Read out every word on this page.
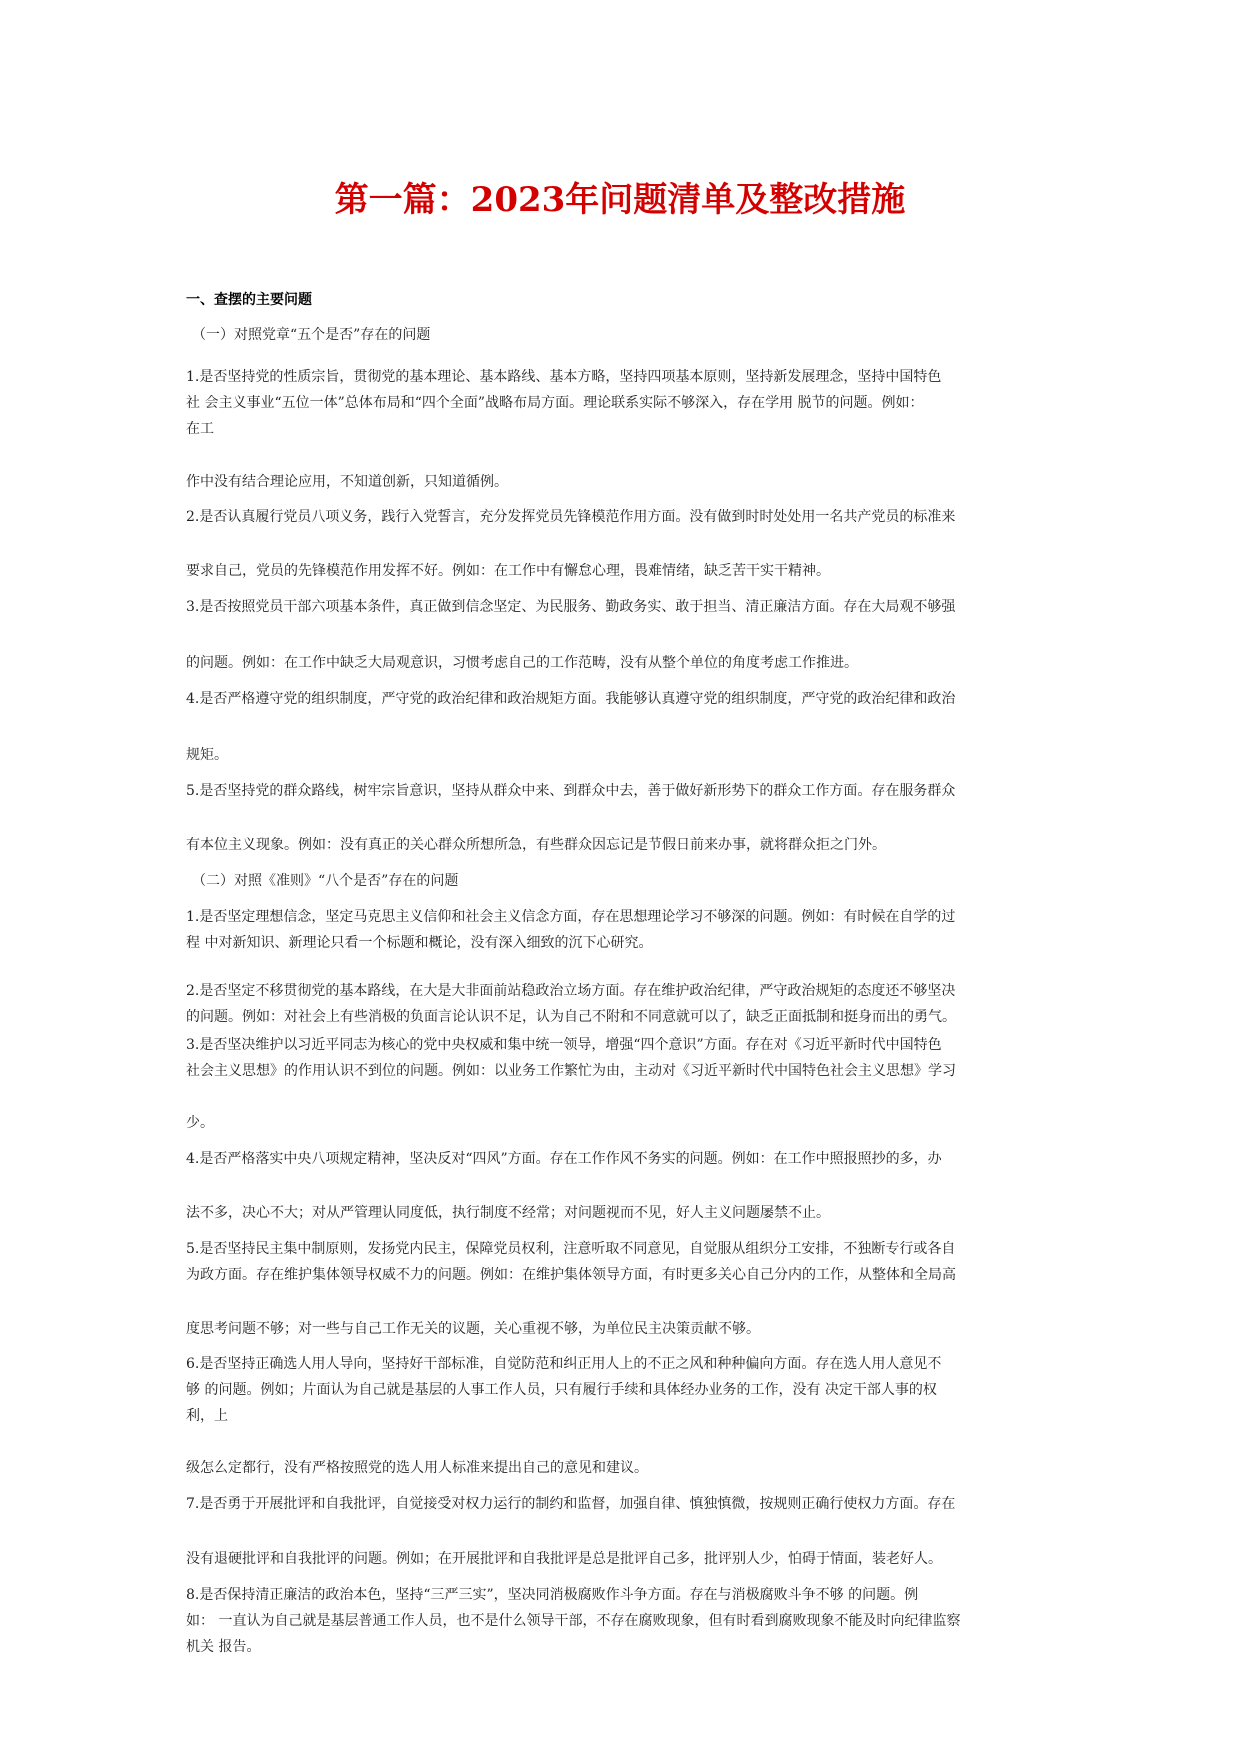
第一篇：2023年问题清单及整改措施
一、查摆的主要问题
（一）对照党章“五个是否”存在的问题
1.是否坚持党的性质宗旨，贯彻党的基本理论、基本路线、基本方略，坚持四项基本原则，坚持新发展理念，坚持中国特色
社 会主义事业“五位一体”总体布局和“四个全面”战略布局方面。理论联系实际不够深入，存在学用 脱节的问题。例如：
在工
作中没有结合理论应用，不知道创新，只知道循例。
2.是否认真履行党员八项义务，践行入党誓言，充分发挥党员先锋模范作用方面。没有做到时时处处用一名共产党员的标准来
要求自己，党员的先锋模范作用发挥不好。例如：在工作中有懈怠心理，畏难情绪，缺乏苦干实干精神。
3.是否按照党员干部六项基本条件，真正做到信念坚定、为民服务、勤政务实、敢于担当、清正廉洁方面。存在大局观不够强
的问题。例如：在工作中缺乏大局观意识，习惯考虑自己的工作范畴，没有从整个单位的角度考虑工作推进。
4.是否严格遵守党的组织制度，严守党的政治纪律和政治规矩方面。我能够认真遵守党的组织制度，严守党的政治纪律和政治
规矩。
5.是否坚持党的群众路线，树牢宗旨意识，坚持从群众中来、到群众中去，善于做好新形势下的群众工作方面。存在服务群众
有本位主义现象。例如：没有真正的关心群众所想所急，有些群众因忘记是节假日前来办事，就将群众拒之门外。
（二）对照《准则》“八个是否”存在的问题
1.是否坚定理想信念，坚定马克思主义信仰和社会主义信念方面，存在思想理论学习不够深的问题。例如：有时候在自学的过
程 中对新知识、新理论只看一个标题和概论，没有深入细致的沉下心研究。
2.是否坚定不移贯彻党的基本路线，在大是大非面前站稳政治立场方面。存在维护政治纪律，严守政治规矩的态度还不够坚决
的问题。例如：对社会上有些消极的负面言论认识不足，认为自己不附和不同意就可以了，缺乏正面抵制和挺身而出的勇气。
3.是否坚决维护以习近平同志为核心的党中央权威和集中统一领导，增强“四个意识”方面。存在对《习近平新时代中国特色
社会主义思想》的作用认识不到位的问题。例如：以业务工作繁忙为由，主动对《习近平新时代中国特色社会主义思想》学习
少。
4.是否严格落实中央八项规定精神，坚决反对“四风”方面。存在工作作风不务实的问题。例如：在工作中照报照抄的多，办
法不多，决心不大；对从严管理认同度低，执行制度不经常；对问题视而不见，好人主义问题屡禁不止。
5.是否坚持民主集中制原则，发扬党内民主，保障党员权利，注意听取不同意见，自觉服从组织分工安排，不独断专行或各自
为政方面。存在维护集体领导权威不力的问题。例如：在维护集体领导方面，有时更多关心自己分内的工作，从整体和全局高
度思考问题不够；对一些与自己工作无关的议题，关心重视不够，为单位民主决策贡献不够。
6.是否坚持正确选人用人导向，坚持好干部标准，自觉防范和纠正用人上的不正之风和种种偏向方面。存在选人用人意见不
够 的问题。例如；片面认为自己就是基层的人事工作人员，只有履行手续和具体经办业务的工作，没有 决定干部人事的权
利，上
级怎么定都行，没有严格按照党的选人用人标准来提出自己的意见和建议。
7.是否勇于开展批评和自我批评，自觉接受对权力运行的制约和监督，加强自律、慎独慎微，按规则正确行使权力方面。存在
没有退硬批评和自我批评的问题。例如；在开展批评和自我批评是总是批评自己多，批评别人少，怕碍于情面，装老好人。
8.是否保持清正廉洁的政治本色，坚持“三严三实”，坚决同消极腐败作斗争方面。存在与消极腐败斗争不够 的问题。例
如： 一直认为自己就是基层普通工作人员，也不是什么领导干部，不存在腐败现象，但有时看到腐败现象不能及时向纪律监察
机关 报告。
